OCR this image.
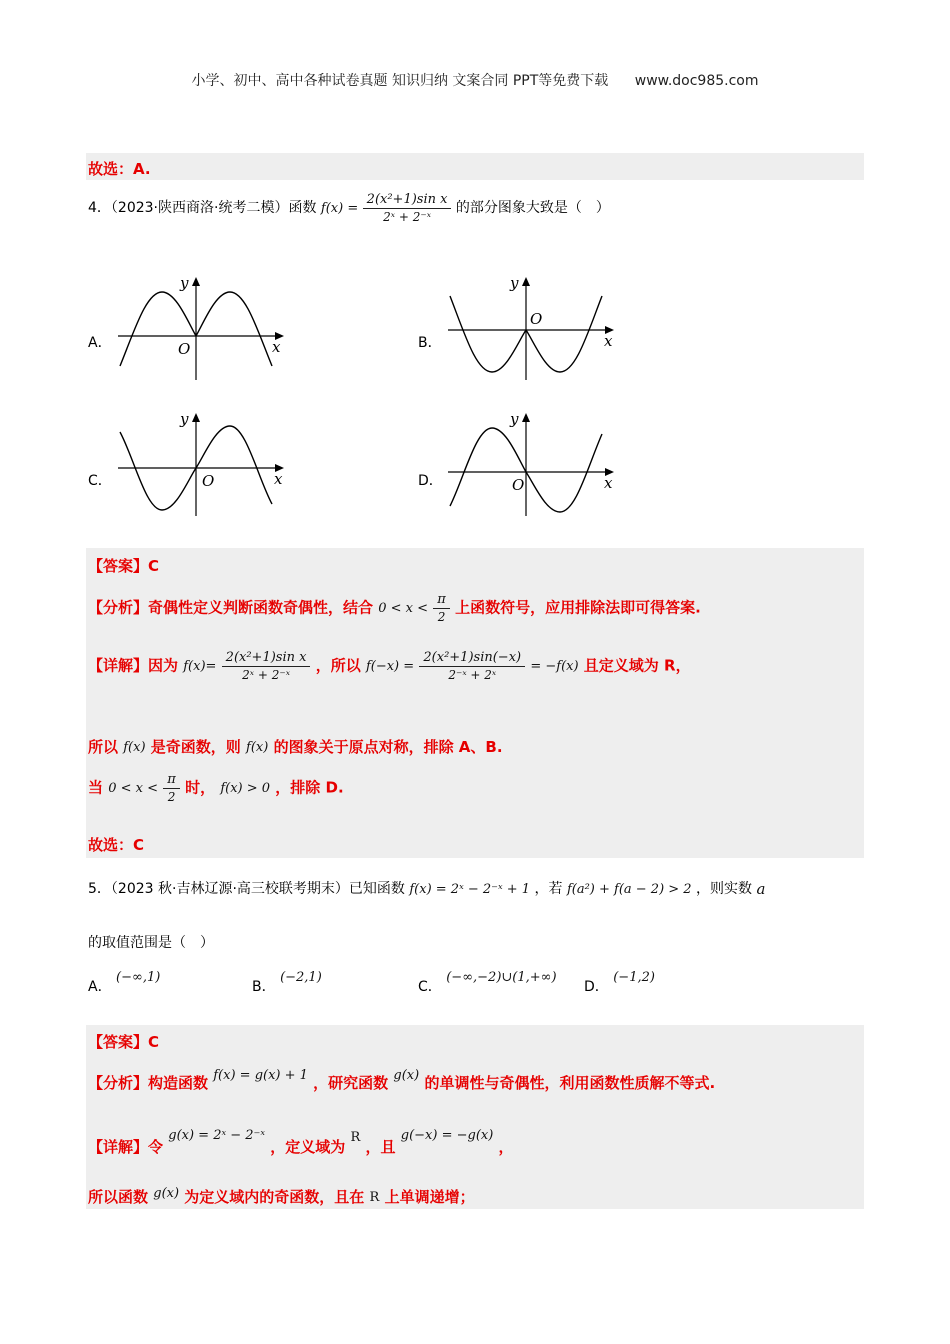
小学、初中、高中各种试卷真题 知识归纳 文案合同 PPT等免费下载 www.doc985.com
故选：A.
4．（2023·陕西商洛·统考二模）函数 $f(x) = \frac{\text{2(x²+1)sin x}}{\text{2ˣ + 2⁻ˣ}}$ 的部分图象大致是（　）
A．
y
O	x	B．
y
O
x
C．
y
O	x	D．
y
O	x
【答案】C
【分析】奇偶性定义判断函数奇偶性，结合 $0 < x < \frac{\pi}{2}$ 上函数符号，应用排除法即可得答案.
【详解】因为 $f(x)= \frac{\text{2(x²+1)sin x}}{\text{2ˣ + 2⁻ˣ}}$ ，所以 $f(-x) = \frac{\text{2(x²+1)sin(−x)}}{\text{2⁻ˣ + 2ˣ}} = -f(x)$ 且定义域为 R，
所以 f(x) 是奇函数，则 f(x) 的图象关于原点对称，排除 A、B.
当 $0 < x < \frac{\pi}{2}$ 时， f(x) > 0 ，排除 D.
故选：C
5．（2023 秋·吉林辽源·高三校联考期末）已知函数 f(x) = 2ˣ − 2⁻ˣ + 1 ，若 f(a²) + f(a − 2) > 2 ，则实数 a
的取值范围是（　）
A． (−∞,1)
B． (−2,1)
C． (−∞,−2)∪(1,+∞)
D． (−1,2)
【答案】C
【分析】构造函数 f(x) = g(x) + 1 ，研究函数 g(x) 的单调性与奇偶性，利用函数性质解不等式.
【详解】令 g(x) = 2ˣ − 2⁻ˣ ，定义域为 R ，且 g(−x) = −g(x) ，
所以函数 g(x) 为定义域内的奇函数，且在 R 上单调递增；
